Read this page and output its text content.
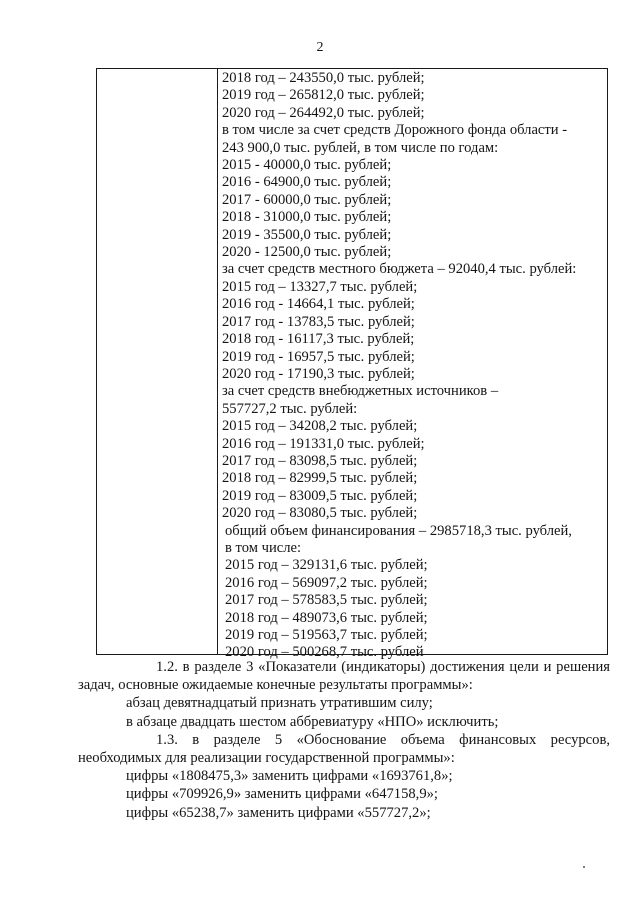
2
2018 год – 243550,0 тыс. рублей;
2019 год – 265812,0 тыс. рублей;
2020 год – 264492,0 тыс. рублей;
в том числе за счет средств Дорожного фонда области -
243 900,0 тыс. рублей, в том числе по годам:
2015 - 40000,0 тыс. рублей;
2016 - 64900,0 тыс. рублей;
2017 - 60000,0 тыс. рублей;
2018 - 31000,0 тыс. рублей;
2019 - 35500,0 тыс. рублей;
2020 - 12500,0 тыс. рублей;
за счет средств местного бюджета – 92040,4 тыс. рублей:
2015 год – 13327,7 тыс. рублей;
2016 год - 14664,1 тыс. рублей;
2017 год - 13783,5 тыс. рублей;
2018 год - 16117,3 тыс. рублей;
2019 год - 16957,5 тыс. рублей;
2020 год - 17190,3 тыс. рублей;
за счет средств внебюджетных источников –
557727,2 тыс. рублей:
2015 год – 34208,2 тыс. рублей;
2016 год – 191331,0 тыс. рублей;
2017 год – 83098,5 тыс. рублей;
2018 год – 82999,5 тыс. рублей;
2019 год – 83009,5 тыс. рублей;
2020 год – 83080,5 тыс. рублей;
общий объем финансирования – 2985718,3 тыс. рублей,
в том числе:
2015 год – 329131,6 тыс. рублей;
2016 год – 569097,2 тыс. рублей;
2017 год – 578583,5 тыс. рублей;
2018 год – 489073,6 тыс. рублей;
2019 год – 519563,7 тыс. рублей;
2020 год – 500268,7 тыс. рублей
1.2. в разделе 3 «Показатели (индикаторы) достижения цели и решения
задач, основные ожидаемые конечные результаты программы»:
абзац девятнадцатый признать утратившим силу;
в абзаце двадцать шестом аббревиатуру «НПО» исключить;
1.3. в разделе 5 «Обоснование объема финансовых ресурсов,
необходимых для реализации государственной программы»:
цифры «1808475,3» заменить цифрами «1693761,8»;
цифры «709926,9» заменить цифрами «647158,9»;
цифры «65238,7» заменить цифрами «557727,2»;
